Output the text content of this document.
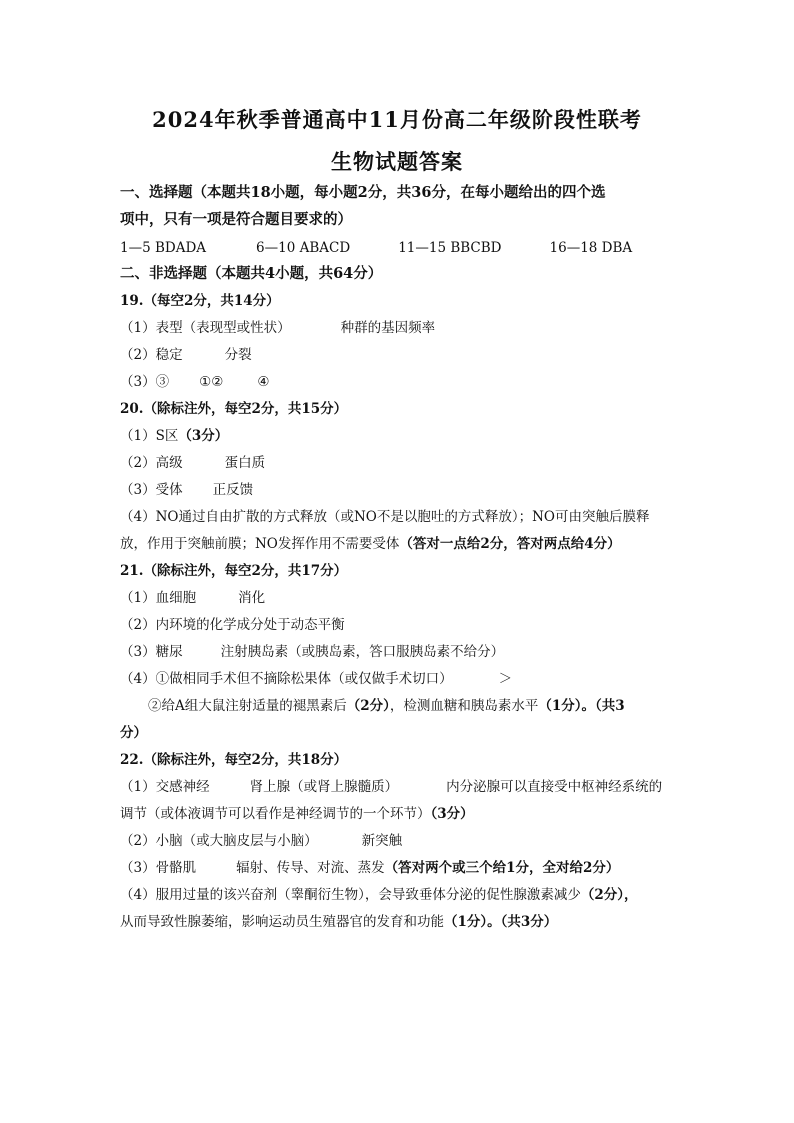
2024年秋季普通高中11月份高二年级阶段性联考
生物试题答案
一、选择题（本题共18小题，每小题2分，共36分，在每小题给出的四个选
项中，只有一项是符合题目要求的）
1—5 BDADA	6—10 ABACD	11—15 BBCBD	16—18 DBA
二、非选择题（本题共4小题，共64分）
19.（每空2分，共14分）
（1）表型（表现型或性状）	种群的基因频率
（2）稳定	分裂
（3）③ ①②	④
20.（除标注外，每空2分，共15分）
（1）S区（3分）
（2）高级	蛋白质
（3）受体 正反馈
（4）NO通过自由扩散的方式释放（或NO不是以胞吐的方式释放）；NO可由突触后膜释
放，作用于突触前膜；NO发挥作用不需要受体（答对一点给2分，答对两点给4分）
21.（除标注外，每空2分，共17分）
（1）血细胞	消化
（2）内环境的化学成分处于动态平衡
（3）糖尿	注射胰岛素（或胰岛素，答口服胰岛素不给分）
（4）①做相同手术但不摘除松果体（或仅做手术切口）	＞
②给A组大鼠注射适量的褪黑素后（2分），检测血糖和胰岛素水平（1分）。（共3
分）
22.（除标注外，每空2分，共18分）
（1）交感神经	肾上腺（或肾上腺髓质）	内分泌腺可以直接受中枢神经系统的
调节（或体液调节可以看作是神经调节的一个环节）（3分）
（2）小脑（或大脑皮层与小脑）	新突触
（3）骨骼肌	辐射、传导、对流、蒸发（答对两个或三个给1分，全对给2分）
（4）服用过量的该兴奋剂（睾酮衍生物），会导致垂体分泌的促性腺激素减少（2分），
从而导致性腺萎缩，影响运动员生殖器官的发育和功能（1分）。（共3分）
